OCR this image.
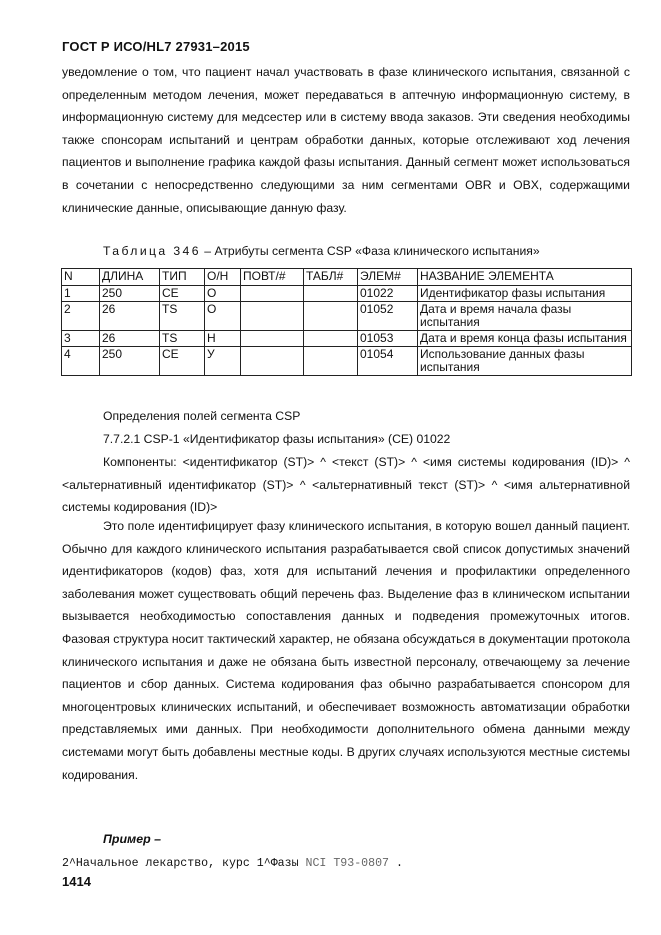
ГОСТ Р ИСО/HL7 27931–2015

уведомление о том, что пациент начал участвовать в фазе клинического испытания, связанной с определенным методом лечения, может передаваться в аптечную информационную систему, в информационную систему для медсестер или в систему ввода заказов. Эти сведения необходимы также спонсорам испытаний и центрам обработки данных, которые отслеживают ход лечения пациентов и выполнение графика каждой фазы испытания. Данный сегмент может использоваться в сочетании с непосредственно следующими за ним сегментами OBR и OBX, содержащими клинические данные, описывающие данную фазу.

Таблица 346 – Атрибуты сегмента CSP «Фаза клинического испытания»
N	ДЛИНА	ТИП	О/Н	ПОВТ/#	ТАБЛ#	ЭЛЕМ#	НАЗВАНИЕ ЭЛЕМЕНТА
1	250	CE	О			01022	Идентификатор фазы испытания
2	26	TS	О			01052	Дата и время начала фазы испытания
3	26	TS	Н			01053	Дата и время конца фазы испытания
4	250	CE	У			01054	Использование данных фазы испытания

Определения полей сегмента CSP

7.7.2.1 CSP-1 «Идентификатор фазы испытания» (CE) 01022

Компоненты: <идентификатор (ST)> ^ <текст (ST)> ^ <имя системы кодирования (ID)> ^ <альтернативный идентификатор (ST)> ^ <альтернативный текст (ST)> ^ <имя альтернативной системы кодирования (ID)>

Это поле идентифицирует фазу клинического испытания, в которую вошел данный пациент. Обычно для каждого клинического испытания разрабатывается свой список допустимых значений идентификаторов (кодов) фаз, хотя для испытаний лечения и профилактики определенного заболевания может существовать общий перечень фаз. Выделение фаз в клиническом испытании вызывается необходимостью сопоставления данных и подведения промежуточных итогов. Фазовая структура носит тактический характер, не обязана обсуждаться в документации протокола клинического испытания и даже не обязана быть известной персоналу, отвечающему за лечение пациентов и сбор данных. Система кодирования фаз обычно разрабатывается спонсором для многоцентровых клинических испытаний, и обеспечивает возможность автоматизации обработки представляемых ими данных. При необходимости дополнительного обмена данными между системами могут быть добавлены местные коды. В других случаях используются местные системы кодирования.

Пример –
2^Начальное лекарство, курс 1^Фазы NCI T93-0807 .
1414
